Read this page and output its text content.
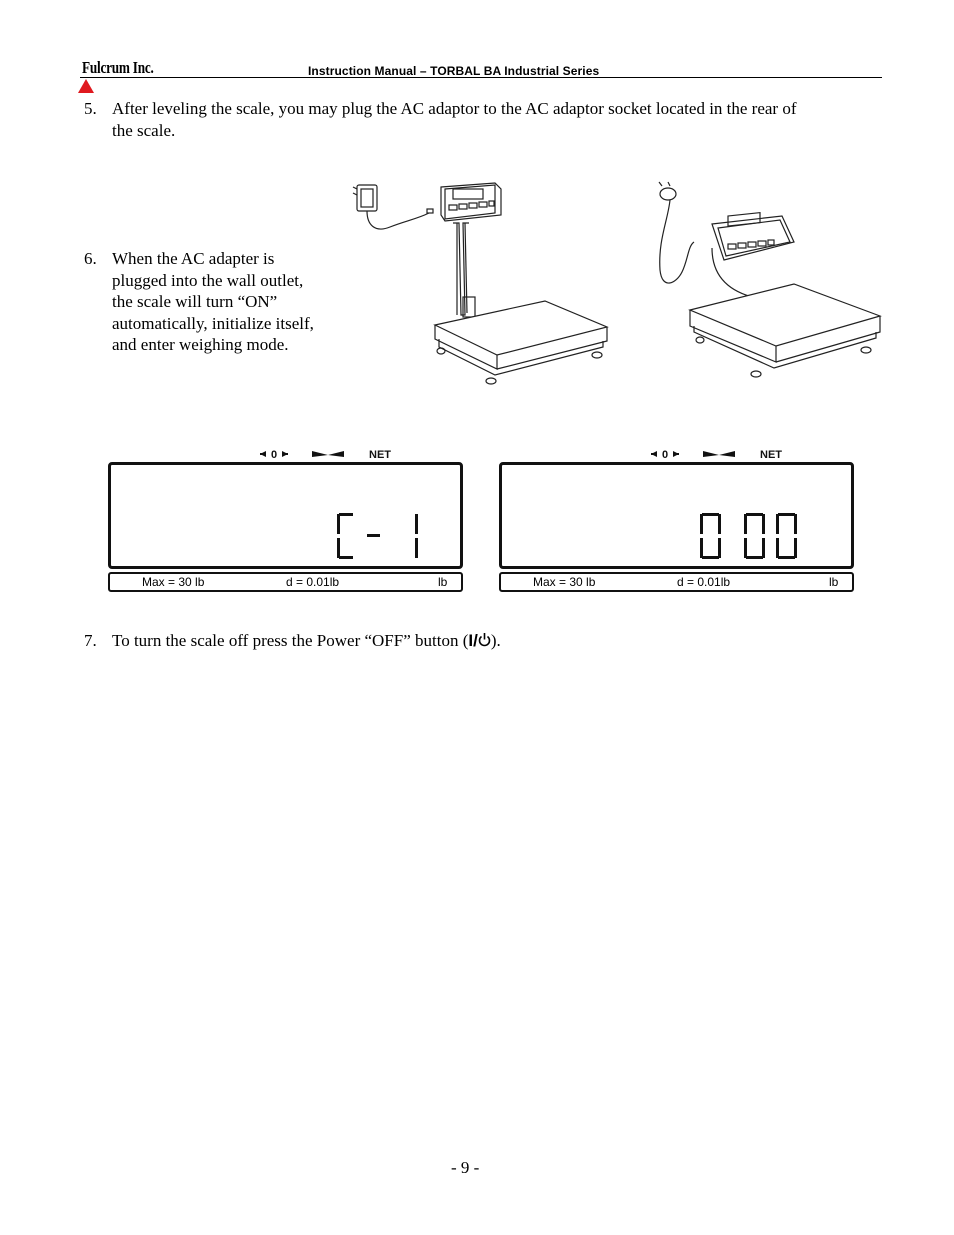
Fulcrum Inc.	Instruction Manual – TORBAL BA Industrial Series
5. After leveling the scale, you may plug the AC adaptor to the AC adaptor socket located in the rear of
the scale.
6. When the AC adapter is
plugged into the wall outlet,
the scale will turn “ON”
automatically, initialize itself,
and enter weighing mode.
0	NET
Max = 30 lb	d = 0.01lb	lb
0	NET
Max = 30 lb	d = 0.01lb	lb
7. To turn the scale off press the Power “OFF” button (I/ ).
- 9 -
